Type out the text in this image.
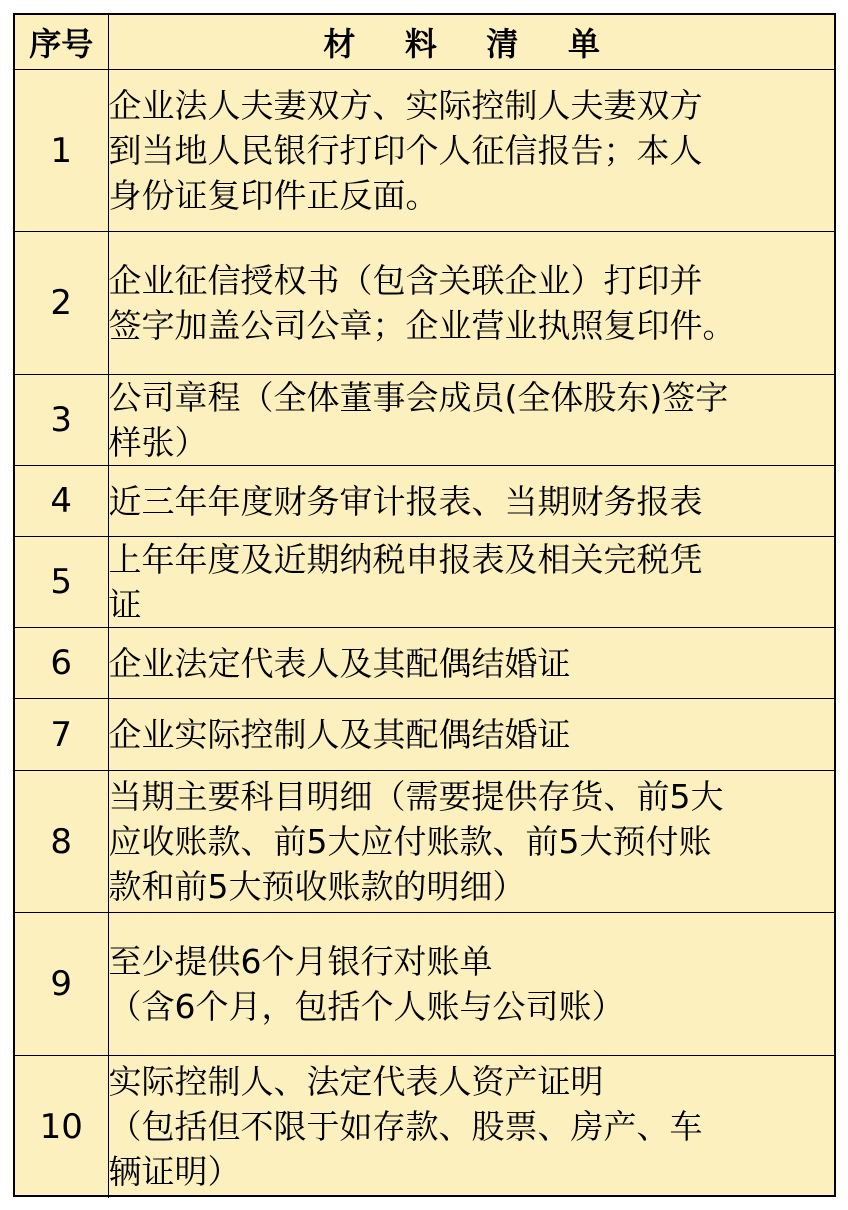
序号	材 料 清 单
1	企业法人夫妻双方、实际控制人夫妻双方
到当地人民银行打印个人征信报告；本人
身份证复印件正反面。

2	企业征信授权书（包含关联企业）打印并
签字加盖公司公章；企业营业执照复印件。

3	公司章程（全体董事会成员(全体股东)签字
样张）

4	近三年年度财务审计报表、当期财务报表

5	上年年度及近期纳税申报表及相关完税凭
证

6	企业法定代表人及其配偶结婚证

7	企业实际控制人及其配偶结婚证

8	当期主要科目明细（需要提供存货、前5大
应收账款、前5大应付账款、前5大预付账
款和前5大预收账款的明细）

9	至少提供6个月银行对账单
（含6个月，包括个人账与公司账）

10	实际控制人、法定代表人资产证明
（包括但不限于如存款、股票、房产、车
辆证明）
